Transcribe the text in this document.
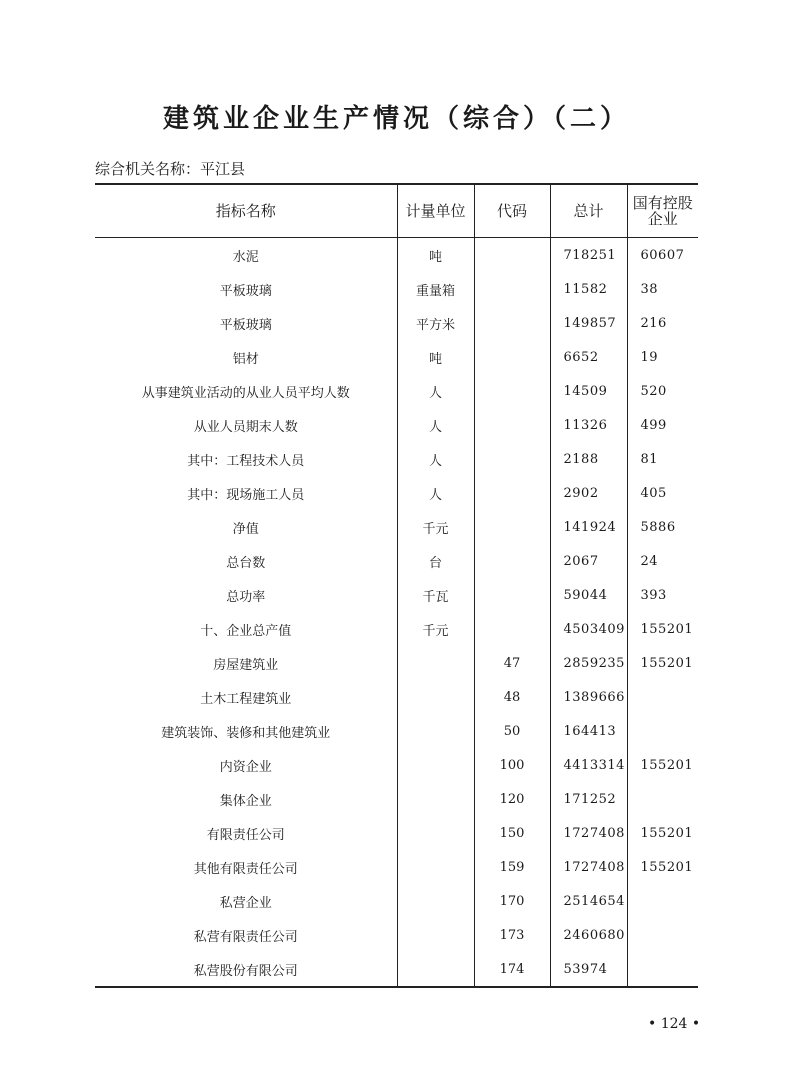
建筑业企业生产情况（综合）（二）
综合机关名称：平江县
指标名称	计量单位	代码	总计	国有控股
企业

水泥	吨		718251	60607
平板玻璃	重量箱		11582	38
平板玻璃	平方米		149857	216
铝材	吨		6652	19
从事建筑业活动的从业人员平均人数	人		14509	520
从业人员期末人数	人		11326	499
其中：工程技术人员	人		2188	81
其中：现场施工人员	人		2902	405
净值	千元		141924	5886
总台数	台		2067	24
总功率	千瓦		59044	393
十、企业总产值	千元		4503409	155201
房屋建筑业		47	2859235	155201
土木工程建筑业		48	1389666	
建筑装饰、装修和其他建筑业		50	164413	
内资企业		100	4413314	155201
集体企业		120	171252	
有限责任公司		150	1727408	155201
其他有限责任公司		159	1727408	155201
私营企业		170	2514654	
私营有限责任公司		173	2460680	
私营股份有限公司		174	53974	
• 124 •
